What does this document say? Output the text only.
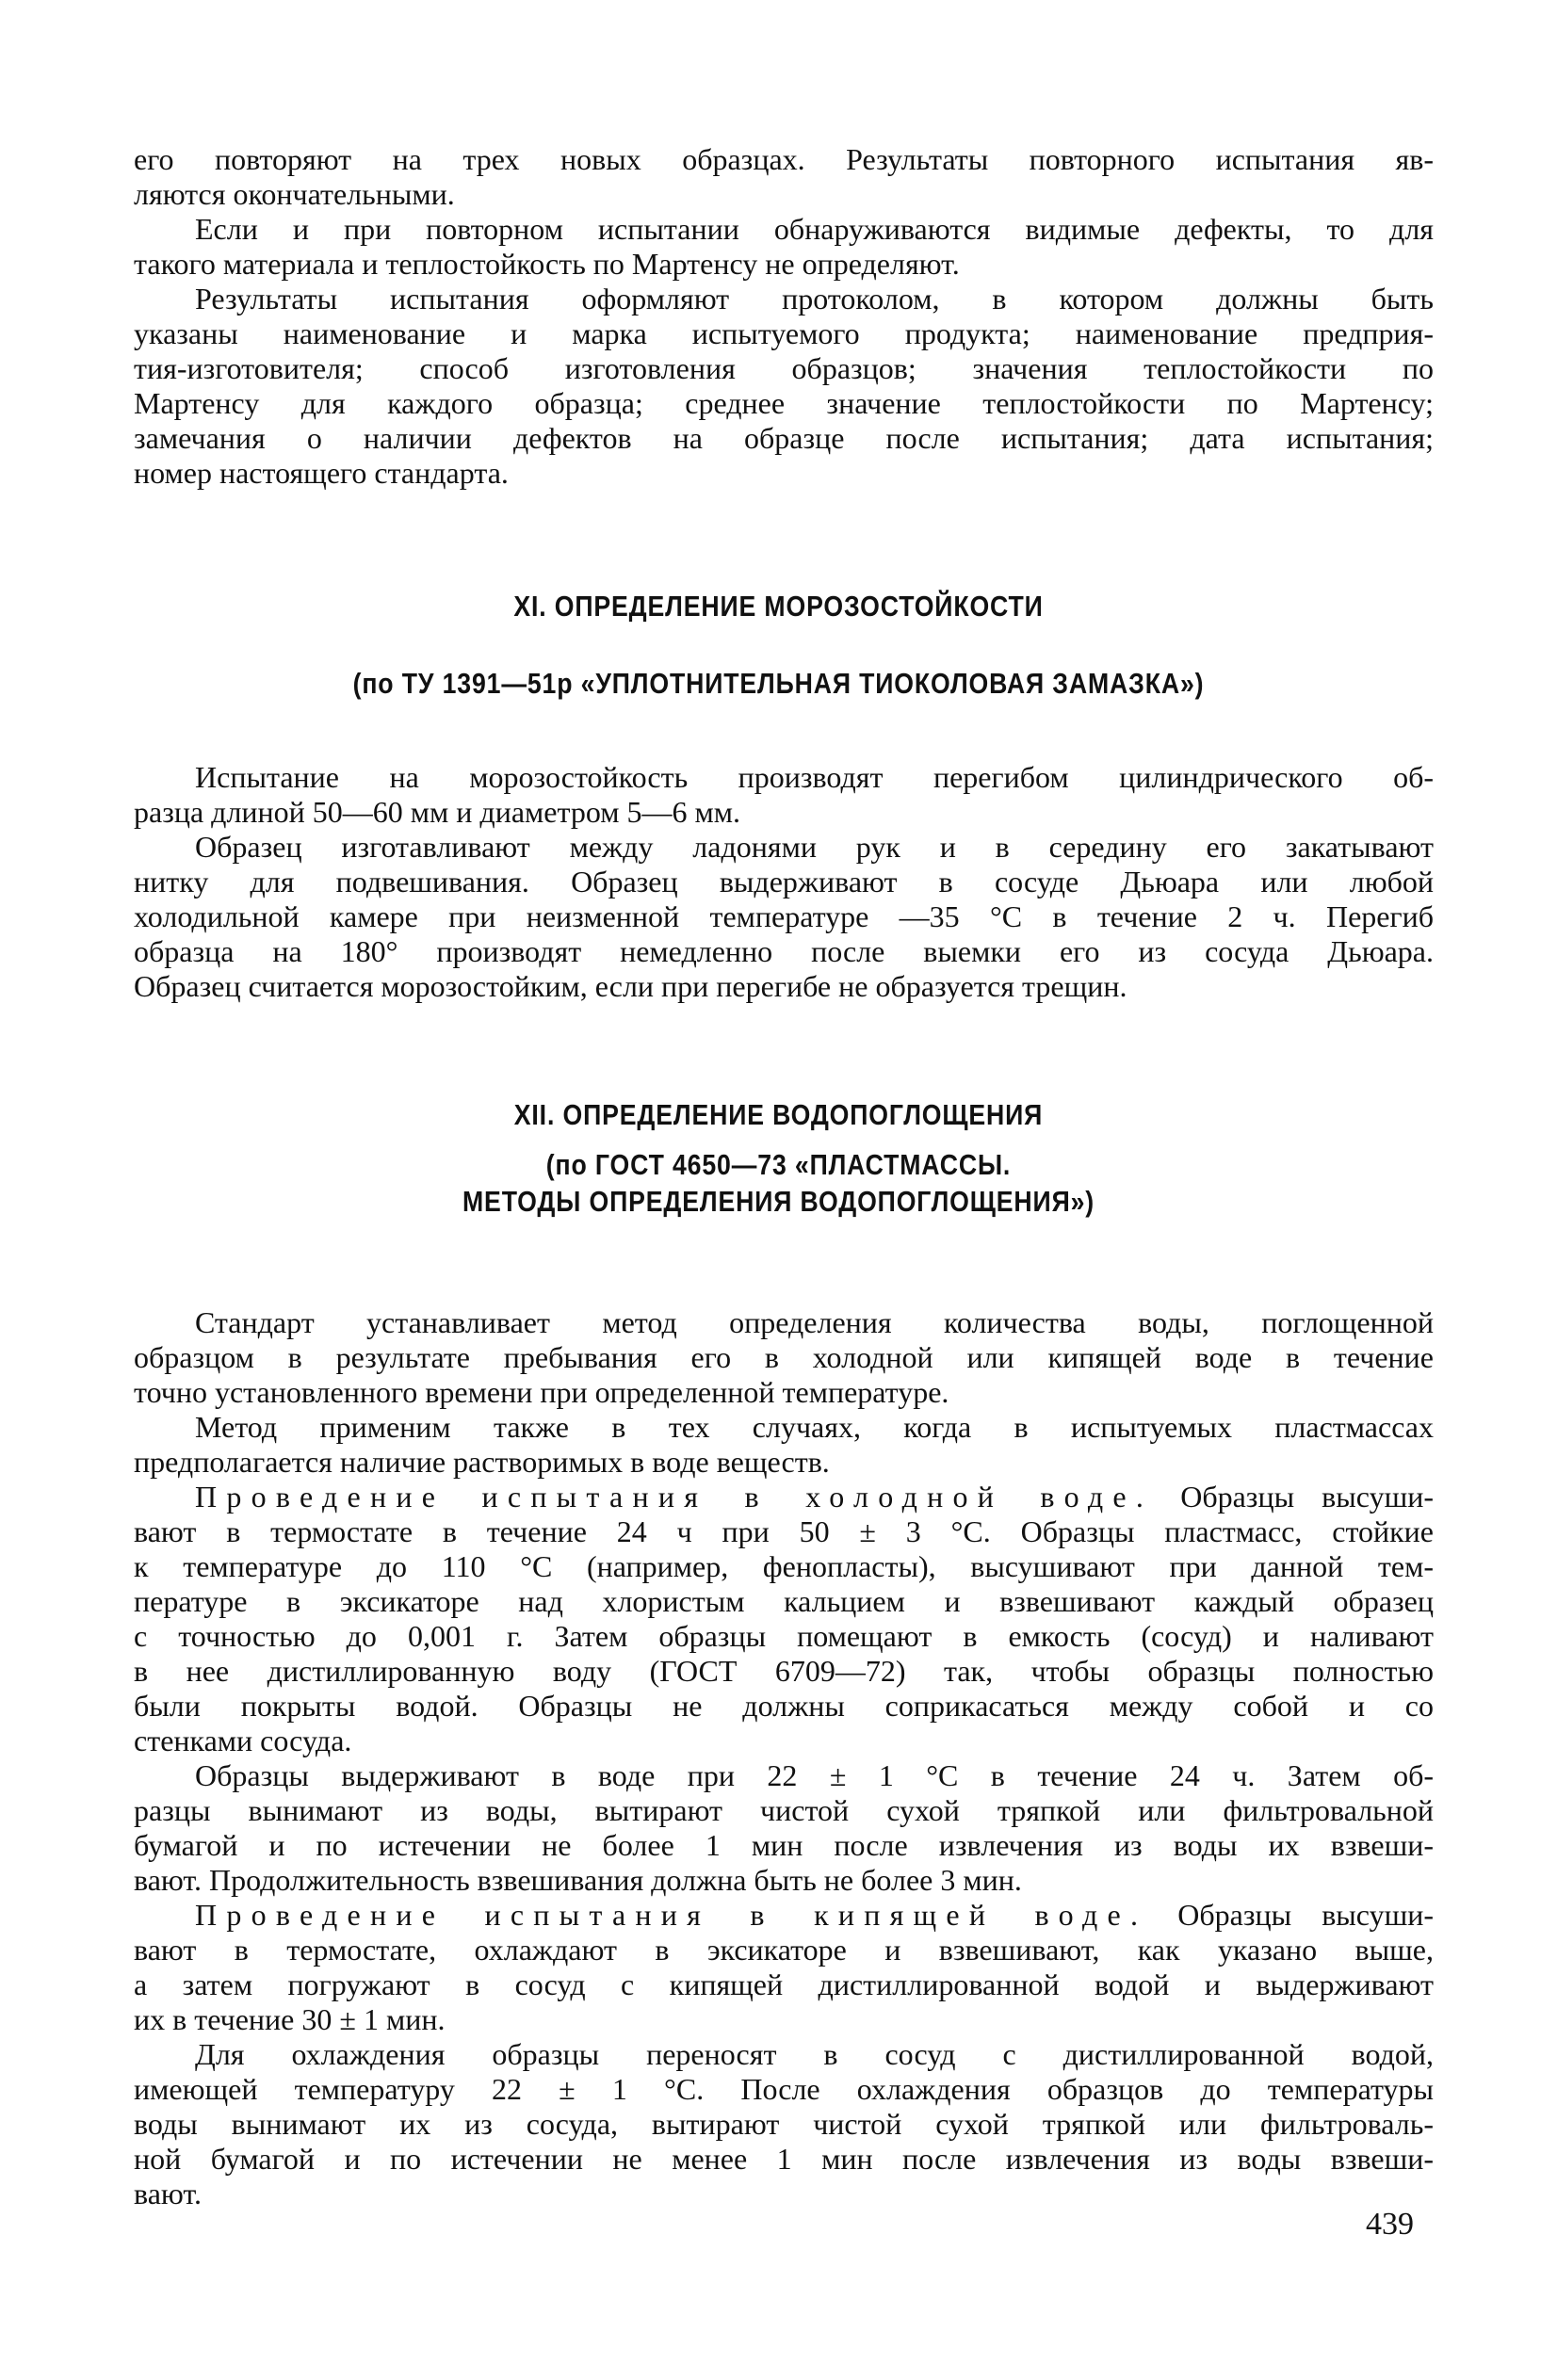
его повторяют на трех новых образцах. Результаты повторного испытания яв-
ляются окончательными.
Если и при повторном испытании обнаруживаются видимые дефекты, то для
такого материала и теплостойкость по Мартенсу не определяют.
Результаты испытания оформляют протоколом, в котором должны быть
указаны наименование и марка испытуемого продукта; наименование предприя-
тия-изготовителя; способ изготовления образцов; значения теплостойкости по
Мартенсу для каждого образца; среднее значение теплостойкости по Мартенсу;
замечания о наличии дефектов на образце после испытания; дата испытания;
номер настоящего стандарта.
XI. ОПРЕДЕЛЕНИЕ МОРОЗОСТОЙКОСТИ
(по ТУ 1391—51р «УПЛОТНИТЕЛЬНАЯ ТИОКОЛОВАЯ ЗАМАЗКА»)
Испытание на морозостойкость производят перегибом цилиндрического об-
разца длиной 50—60 мм и диаметром 5—6 мм.
Образец изготавливают между ладонями рук и в середину его закатывают
нитку для подвешивания. Образец выдерживают в сосуде Дьюара или любой
холодильной камере при неизменной температуре —35 °С в течение 2 ч. Перегиб
образца на 180° производят немедленно после выемки его из сосуда Дьюара.
Образец считается морозостойким, если при перегибе не образуется трещин.
XII. ОПРЕДЕЛЕНИЕ ВОДОПОГЛОЩЕНИЯ
(по ГОСТ 4650—73 «ПЛАСТМАССЫ.
МЕТОДЫ ОПРЕДЕЛЕНИЯ ВОДОПОГЛОЩЕНИЯ»)
Стандарт устанавливает метод определения количества воды, поглощенной
образцом в результате пребывания его в холодной или кипящей воде в течение
точно установленного времени при определенной температуре.
Метод применим также в тех случаях, когда в испытуемых пластмассах
предполагается наличие растворимых в воде веществ.
Проведение испытания в холодной воде. Образцы высуши-
вают в термостате в течение 24 ч при 50 ± 3 °С. Образцы пластмасс, стойкие
к температуре до 110 °С (например, фенопласты), высушивают при данной тем-
пературе в эксикаторе над хлористым кальцием и взвешивают каждый образец
с точностью до 0,001 г. Затем образцы помещают в емкость (сосуд) и наливают
в нее дистиллированную воду (ГОСТ 6709—72) так, чтобы образцы полностью
были покрыты водой. Образцы не должны соприкасаться между собой и со
стенками сосуда.
Образцы выдерживают в воде при 22 ± 1 °С в течение 24 ч. Затем об-
разцы вынимают из воды, вытирают чистой сухой тряпкой или фильтровальной
бумагой и по истечении не более 1 мин после извлечения из воды их взвеши-
вают. Продолжительность взвешивания должна быть не более 3 мин.
Проведение испытания в кипящей воде. Образцы высуши-
вают в термостате, охлаждают в эксикаторе и взвешивают, как указано выше,
а затем погружают в сосуд с кипящей дистиллированной водой и выдерживают
их в течение 30 ± 1 мин.
Для охлаждения образцы переносят в сосуд с дистиллированной водой,
имеющей температуру 22 ± 1 °С. После охлаждения образцов до температуры
воды вынимают их из сосуда, вытирают чистой сухой тряпкой или фильтроваль-
ной бумагой и по истечении не менее 1 мин после извлечения из воды взвеши-
вают.
439
